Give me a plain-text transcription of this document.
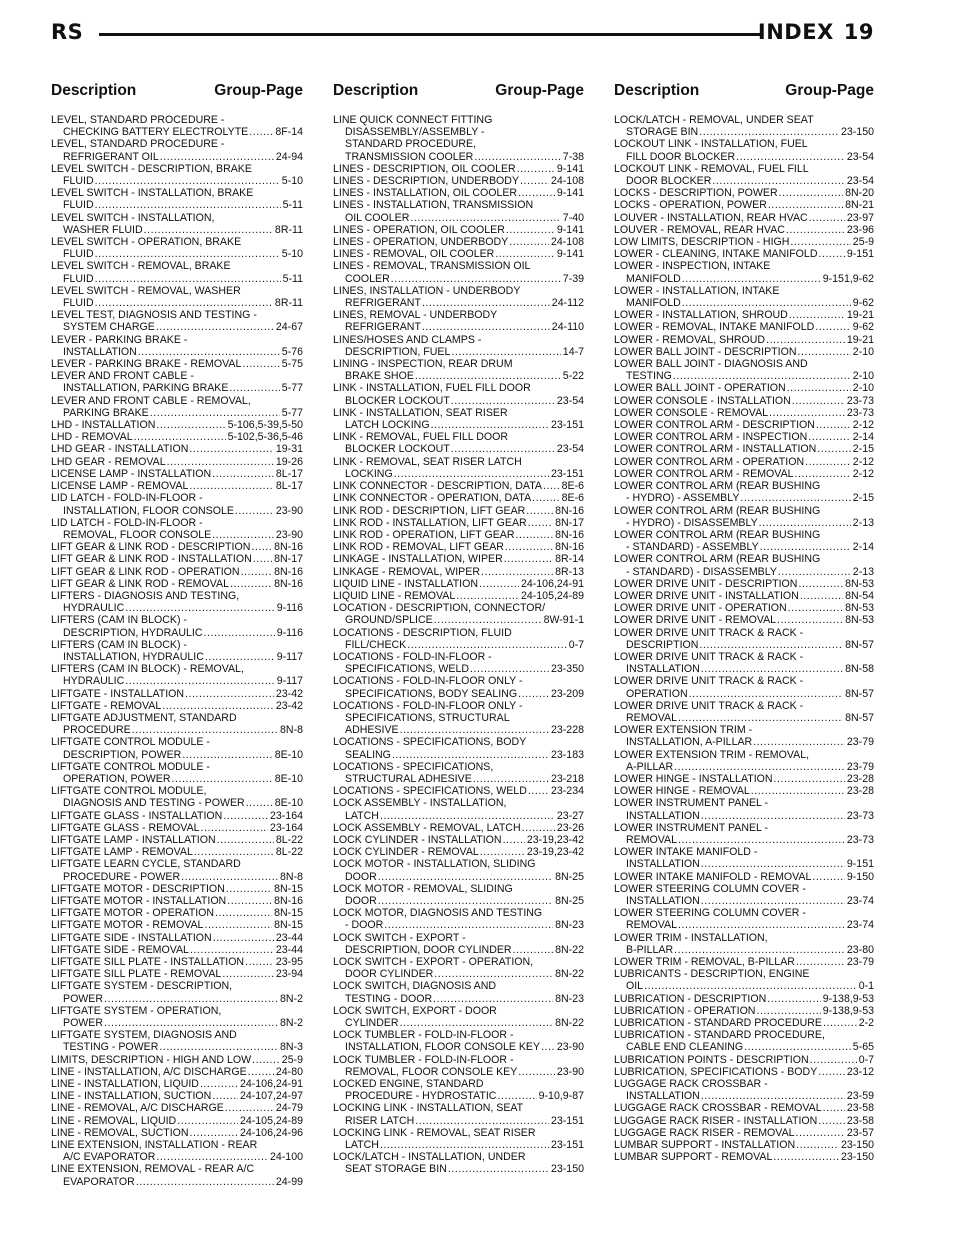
RS	INDEX 19
Description	Group-Page
LEVEL, STANDARD PROCEDURE -
CHECKING BATTERY ELECTROLYTE . . .	8F-14
LEVEL, STANDARD PROCEDURE -
REFRIGERANT OIL . . .	24-94
LEVEL SWITCH - DESCRIPTION, BRAKE
FLUID . . .	5-10
LEVEL SWITCH - INSTALLATION, BRAKE
FLUID . . .	5-11
LEVEL SWITCH - INSTALLATION,
WASHER FLUID . . .	8R-11
LEVEL SWITCH - OPERATION, BRAKE
FLUID . . .	5-10
LEVEL SWITCH - REMOVAL, BRAKE
FLUID . . .	5-11
LEVEL SWITCH - REMOVAL, WASHER
FLUID . . .	8R-11
LEVEL TEST, DIAGNOSIS AND TESTING -
SYSTEM CHARGE . . .	24-67
LEVER - PARKING BRAKE -
INSTALLATION . . .	5-76
LEVER - PARKING BRAKE - REMOVAL . . .	5-75
LEVER AND FRONT CABLE -
INSTALLATION, PARKING BRAKE . . .	5-77
LEVER AND FRONT CABLE - REMOVAL,
PARKING BRAKE . . .	5-77
LHD - INSTALLATION . . .	5-106,5-39,5-50
LHD - REMOVAL . . .	5-102,5-36,5-46
LHD GEAR - INSTALLATION . . .	19-31
LHD GEAR - REMOVAL . . .	19-26
LICENSE LAMP - INSTALLATION . . .	8L-17
LICENSE LAMP - REMOVAL . . .	8L-17
LID LATCH - FOLD-IN-FLOOR -
INSTALLATION, FLOOR CONSOLE . . .	23-90
LID LATCH - FOLD-IN-FLOOR -
REMOVAL, FLOOR CONSOLE . . .	23-90
LIFT GEAR & LINK ROD - DESCRIPTION . . . 8N-16
LIFT GEAR & LINK ROD - INSTALLATION . . . 8N-17
LIFT GEAR & LINK ROD - OPERATION . . .	8N-16
LIFT GEAR & LINK ROD - REMOVAL . . .	8N-16
LIFTERS - DIAGNOSIS AND TESTING,
HYDRAULIC . . .	9-116
LIFTERS (CAM IN BLOCK) -
DESCRIPTION, HYDRAULIC . . .	9-116
LIFTERS (CAM IN BLOCK) -
INSTALLATION, HYDRAULIC . . .	9-117
LIFTERS (CAM IN BLOCK) - REMOVAL,
HYDRAULIC . . .	9-117
LIFTGATE - INSTALLATION . . .	23-42
LIFTGATE - REMOVAL . . .	23-42
LIFTGATE ADJUSTMENT, STANDARD
PROCEDURE . . .	8N-8
LIFTGATE CONTROL MODULE -
DESCRIPTION, POWER . . .	8E-10
LIFTGATE CONTROL MODULE -
OPERATION, POWER . . .	8E-10
LIFTGATE CONTROL MODULE,
DIAGNOSIS AND TESTING - POWER . . .	8E-10
LIFTGATE GLASS - INSTALLATION . . .	23-164
LIFTGATE GLASS - REMOVAL . . .	23-164
LIFTGATE LAMP - INSTALLATION . . .	8L-22
LIFTGATE LAMP - REMOVAL . . .	8L-22
LIFTGATE LEARN CYCLE, STANDARD
PROCEDURE - POWER . . .	8N-8
LIFTGATE MOTOR - DESCRIPTION . . .	8N-15
LIFTGATE MOTOR - INSTALLATION . . .	8N-16
LIFTGATE MOTOR - OPERATION . . .	8N-15
LIFTGATE MOTOR - REMOVAL . . .	8N-15
LIFTGATE SIDE - INSTALLATION . . .	23-44
LIFTGATE SIDE - REMOVAL . . .	23-44
LIFTGATE SILL PLATE - INSTALLATION . . .	23-95
LIFTGATE SILL PLATE - REMOVAL . . .	23-94
LIFTGATE SYSTEM - DESCRIPTION,
POWER . . .	8N-2
LIFTGATE SYSTEM - OPERATION,
POWER . . .	8N-2
LIFTGATE SYSTEM, DIAGNOSIS AND
TESTING - POWER . . .	8N-3
LIMITS, DESCRIPTION - HIGH AND LOW . . .	25-9
LINE - INSTALLATION, A/C DISCHARGE . . .	24-80
LINE - INSTALLATION, LIQUID . . .	24-106,24-91
LINE - INSTALLATION, SUCTION . . .	24-107,24-97
LINE - REMOVAL, A/C DISCHARGE . . .	24-79
LINE - REMOVAL, LIQUID . . .	24-105,24-89
LINE - REMOVAL, SUCTION . . .	24-106,24-96
LINE EXTENSION, INSTALLATION - REAR
A/C EVAPORATOR . . .	24-100
LINE EXTENSION, REMOVAL - REAR A/C
EVAPORATOR . . .	24-99
Description	Group-Page
LINE QUICK CONNECT FITTING
DISASSEMBLY/ASSEMBLY -
STANDARD PROCEDURE,
TRANSMISSION COOLER . . .	7-38
LINES - DESCRIPTION, OIL COOLER . . .	9-141
LINES - DESCRIPTION, UNDERBODY . . .	24-108
LINES - INSTALLATION, OIL COOLER . . .	9-141
LINES - INSTALLATION, TRANSMISSION
OIL COOLER . . .	7-40
LINES - OPERATION, OIL COOLER . . .	9-141
LINES - OPERATION, UNDERBODY . . .	24-108
LINES - REMOVAL, OIL COOLER . . .	9-141
LINES - REMOVAL, TRANSMISSION OIL
COOLER . . .	7-39
LINES, INSTALLATION - UNDERBODY
REFRIGERANT . . .	24-112
LINES, REMOVAL - UNDERBODY
REFRIGERANT . . .	24-110
LINES/HOSES AND CLAMPS -
DESCRIPTION, FUEL . . .	14-7
LINING - INSPECTION, REAR DRUM
BRAKE SHOE . . .	5-22
LINK - INSTALLATION, FUEL FILL DOOR
BLOCKER LOCKOUT . . .	23-54
LINK - INSTALLATION, SEAT RISER
LATCH LOCKING . . .	23-151
LINK - REMOVAL, FUEL FILL DOOR
BLOCKER LOCKOUT . . .	23-54
LINK - REMOVAL, SEAT RISER LATCH
LOCKING . . .	23-151
LINK CONNECTOR - DESCRIPTION, DATA . . . 8E-6
LINK CONNECTOR - OPERATION, DATA . . .	8E-6
LINK ROD - DESCRIPTION, LIFT GEAR . . .	8N-16
LINK ROD - INSTALLATION, LIFT GEAR . . .	8N-17
LINK ROD - OPERATION, LIFT GEAR . . .	8N-16
LINK ROD - REMOVAL, LIFT GEAR . . .	8N-16
LINKAGE - INSTALLATION, WIPER . . .	8R-14
LINKAGE - REMOVAL, WIPER . . .	8R-13
LIQUID LINE - INSTALLATION . . .	24-106,24-91
LIQUID LINE - REMOVAL . . .	24-105,24-89
LOCATION - DESCRIPTION, CONNECTOR/
GROUND/SPLICE . . .	8W-91-1
LOCATIONS - DESCRIPTION, FLUID
FILL/CHECK . . .	0-7
LOCATIONS - FOLD-IN-FLOOR -
SPECIFICATIONS, WELD . . .	23-350
LOCATIONS - FOLD-IN-FLOOR ONLY -
SPECIFICATIONS, BODY SEALING . . .	23-209
LOCATIONS - FOLD-IN-FLOOR ONLY -
SPECIFICATIONS, STRUCTURAL
ADHESIVE . . .	23-228
LOCATIONS - SPECIFICATIONS, BODY
SEALING . . .	23-183
LOCATIONS - SPECIFICATIONS,
STRUCTURAL ADHESIVE . . .	23-218
LOCATIONS - SPECIFICATIONS, WELD . . . 23-234
LOCK ASSEMBLY - INSTALLATION,
LATCH . . .	23-27
LOCK ASSEMBLY - REMOVAL, LATCH . . .	23-26
LOCK CYLINDER - INSTALLATION . . . 23-19,23-42
LOCK CYLINDER - REMOVAL . . .	23-19,23-42
LOCK MOTOR - INSTALLATION, SLIDING
DOOR . . .	8N-25
LOCK MOTOR - REMOVAL, SLIDING
DOOR . . .	8N-25
LOCK MOTOR, DIAGNOSIS AND TESTING
- DOOR . . .	8N-23
LOCK SWITCH - EXPORT -
DESCRIPTION, DOOR CYLINDER . . .	8N-22
LOCK SWITCH - EXPORT - OPERATION,
DOOR CYLINDER . . .	8N-22
LOCK SWITCH, DIAGNOSIS AND
TESTING - DOOR . . .	8N-23
LOCK SWITCH, EXPORT - DOOR
CYLINDER . . .	8N-22
LOCK TUMBLER - FOLD-IN-FLOOR -
INSTALLATION, FLOOR CONSOLE KEY . . . 23-90
LOCK TUMBLER - FOLD-IN-FLOOR -
REMOVAL, FLOOR CONSOLE KEY . . .	23-90
LOCKED ENGINE, STANDARD
PROCEDURE - HYDROSTATIC . . .	9-10,9-87
LOCKING LINK - INSTALLATION, SEAT
RISER LATCH . . .	23-151
LOCKING LINK - REMOVAL, SEAT RISER
LATCH . . .	23-151
LOCK/LATCH - INSTALLATION, UNDER
SEAT STORAGE BIN . . .	23-150
Description	Group-Page
LOCK/LATCH - REMOVAL, UNDER SEAT
STORAGE BIN . . .	23-150
LOCKOUT LINK - INSTALLATION, FUEL
FILL DOOR BLOCKER . . .	23-54
LOCKOUT LINK - REMOVAL, FUEL FILL
DOOR BLOCKER . . .	23-54
LOCKS - DESCRIPTION, POWER . . .	8N-20
LOCKS - OPERATION, POWER . . .	8N-21
LOUVER - INSTALLATION, REAR HVAC . . .	23-97
LOUVER - REMOVAL, REAR HVAC . . .	23-96
LOW LIMITS, DESCRIPTION - HIGH . . .	25-9
LOWER - CLEANING, INTAKE MANIFOLD . . .	9-151
LOWER - INSPECTION, INTAKE
MANIFOLD . . .	9-151,9-62
LOWER - INSTALLATION, INTAKE
MANIFOLD . . .	9-62
LOWER - INSTALLATION, SHROUD . . .	19-21
LOWER - REMOVAL, INTAKE MANIFOLD . . .	9-62
LOWER - REMOVAL, SHROUD . . .	19-21
LOWER BALL JOINT - DESCRIPTION . . .	2-10
LOWER BALL JOINT - DIAGNOSIS AND
TESTING . . .	2-10
LOWER BALL JOINT - OPERATION . . .	2-10
LOWER CONSOLE - INSTALLATION . . .	23-73
LOWER CONSOLE - REMOVAL . . .	23-73
LOWER CONTROL ARM - DESCRIPTION . . .	2-12
LOWER CONTROL ARM - INSPECTION . . .	2-14
LOWER CONTROL ARM - INSTALLATION . . .	2-15
LOWER CONTROL ARM - OPERATION . . .	2-12
LOWER CONTROL ARM - REMOVAL . . .	2-12
LOWER CONTROL ARM (REAR BUSHING
- HYDRO) - ASSEMBLY . . .	2-15
LOWER CONTROL ARM (REAR BUSHING
- HYDRO) - DISASSEMBLY . . .	2-13
LOWER CONTROL ARM (REAR BUSHING
- STANDARD) - ASSEMBLY . . .	2-14
LOWER CONTROL ARM (REAR BUSHING
- STANDARD) - DISASSEMBLY . . .	2-13
LOWER DRIVE UNIT - DESCRIPTION . . .	8N-53
LOWER DRIVE UNIT - INSTALLATION . . .	8N-54
LOWER DRIVE UNIT - OPERATION . . .	8N-53
LOWER DRIVE UNIT - REMOVAL . . .	8N-53
LOWER DRIVE UNIT TRACK & RACK -
DESCRIPTION . . .	8N-57
LOWER DRIVE UNIT TRACK & RACK -
INSTALLATION . . .	8N-58
LOWER DRIVE UNIT TRACK & RACK -
OPERATION . . .	8N-57
LOWER DRIVE UNIT TRACK & RACK -
REMOVAL . . .	8N-57
LOWER EXTENSION TRIM -
INSTALLATION, A-PILLAR . . .	23-79
LOWER EXTENSION TRIM - REMOVAL,
A-PILLAR . . .	23-79
LOWER HINGE - INSTALLATION . . .	23-28
LOWER HINGE - REMOVAL . . .	23-28
LOWER INSTRUMENT PANEL -
INSTALLATION . . .	23-73
LOWER INSTRUMENT PANEL -
REMOVAL . . .	23-73
LOWER INTAKE MANIFOLD -
INSTALLATION . . .	9-151
LOWER INTAKE MANIFOLD - REMOVAL . . .	9-150
LOWER STEERING COLUMN COVER -
INSTALLATION . . .	23-74
LOWER STEERING COLUMN COVER -
REMOVAL . . .	23-74
LOWER TRIM - INSTALLATION,
B-PILLAR . . .	23-80
LOWER TRIM - REMOVAL, B-PILLAR . . .	23-79
LUBRICANTS - DESCRIPTION, ENGINE
OIL . . .	0-1
LUBRICATION - DESCRIPTION . . .	9-138,9-53
LUBRICATION - OPERATION . . .	9-138,9-53
LUBRICATION - STANDARD PROCEDURE . . .	2-2
LUBRICATION - STANDARD PROCEDURE,
CABLE END CLEANING . . .	5-65
LUBRICATION POINTS - DESCRIPTION . . .	0-7
LUBRICATION, SPECIFICATIONS - BODY . . .	23-12
LUGGAGE RACK CROSSBAR -
INSTALLATION . . .	23-59
LUGGAGE RACK CROSSBAR - REMOVAL . . . 23-58
LUGGAGE RACK RISER - INSTALLATION . . .	23-58
LUGGAGE RACK RISER - REMOVAL . . .	23-57
LUMBAR SUPPORT - INSTALLATION . . .	23-150
LUMBAR SUPPORT - REMOVAL . . .	23-150
